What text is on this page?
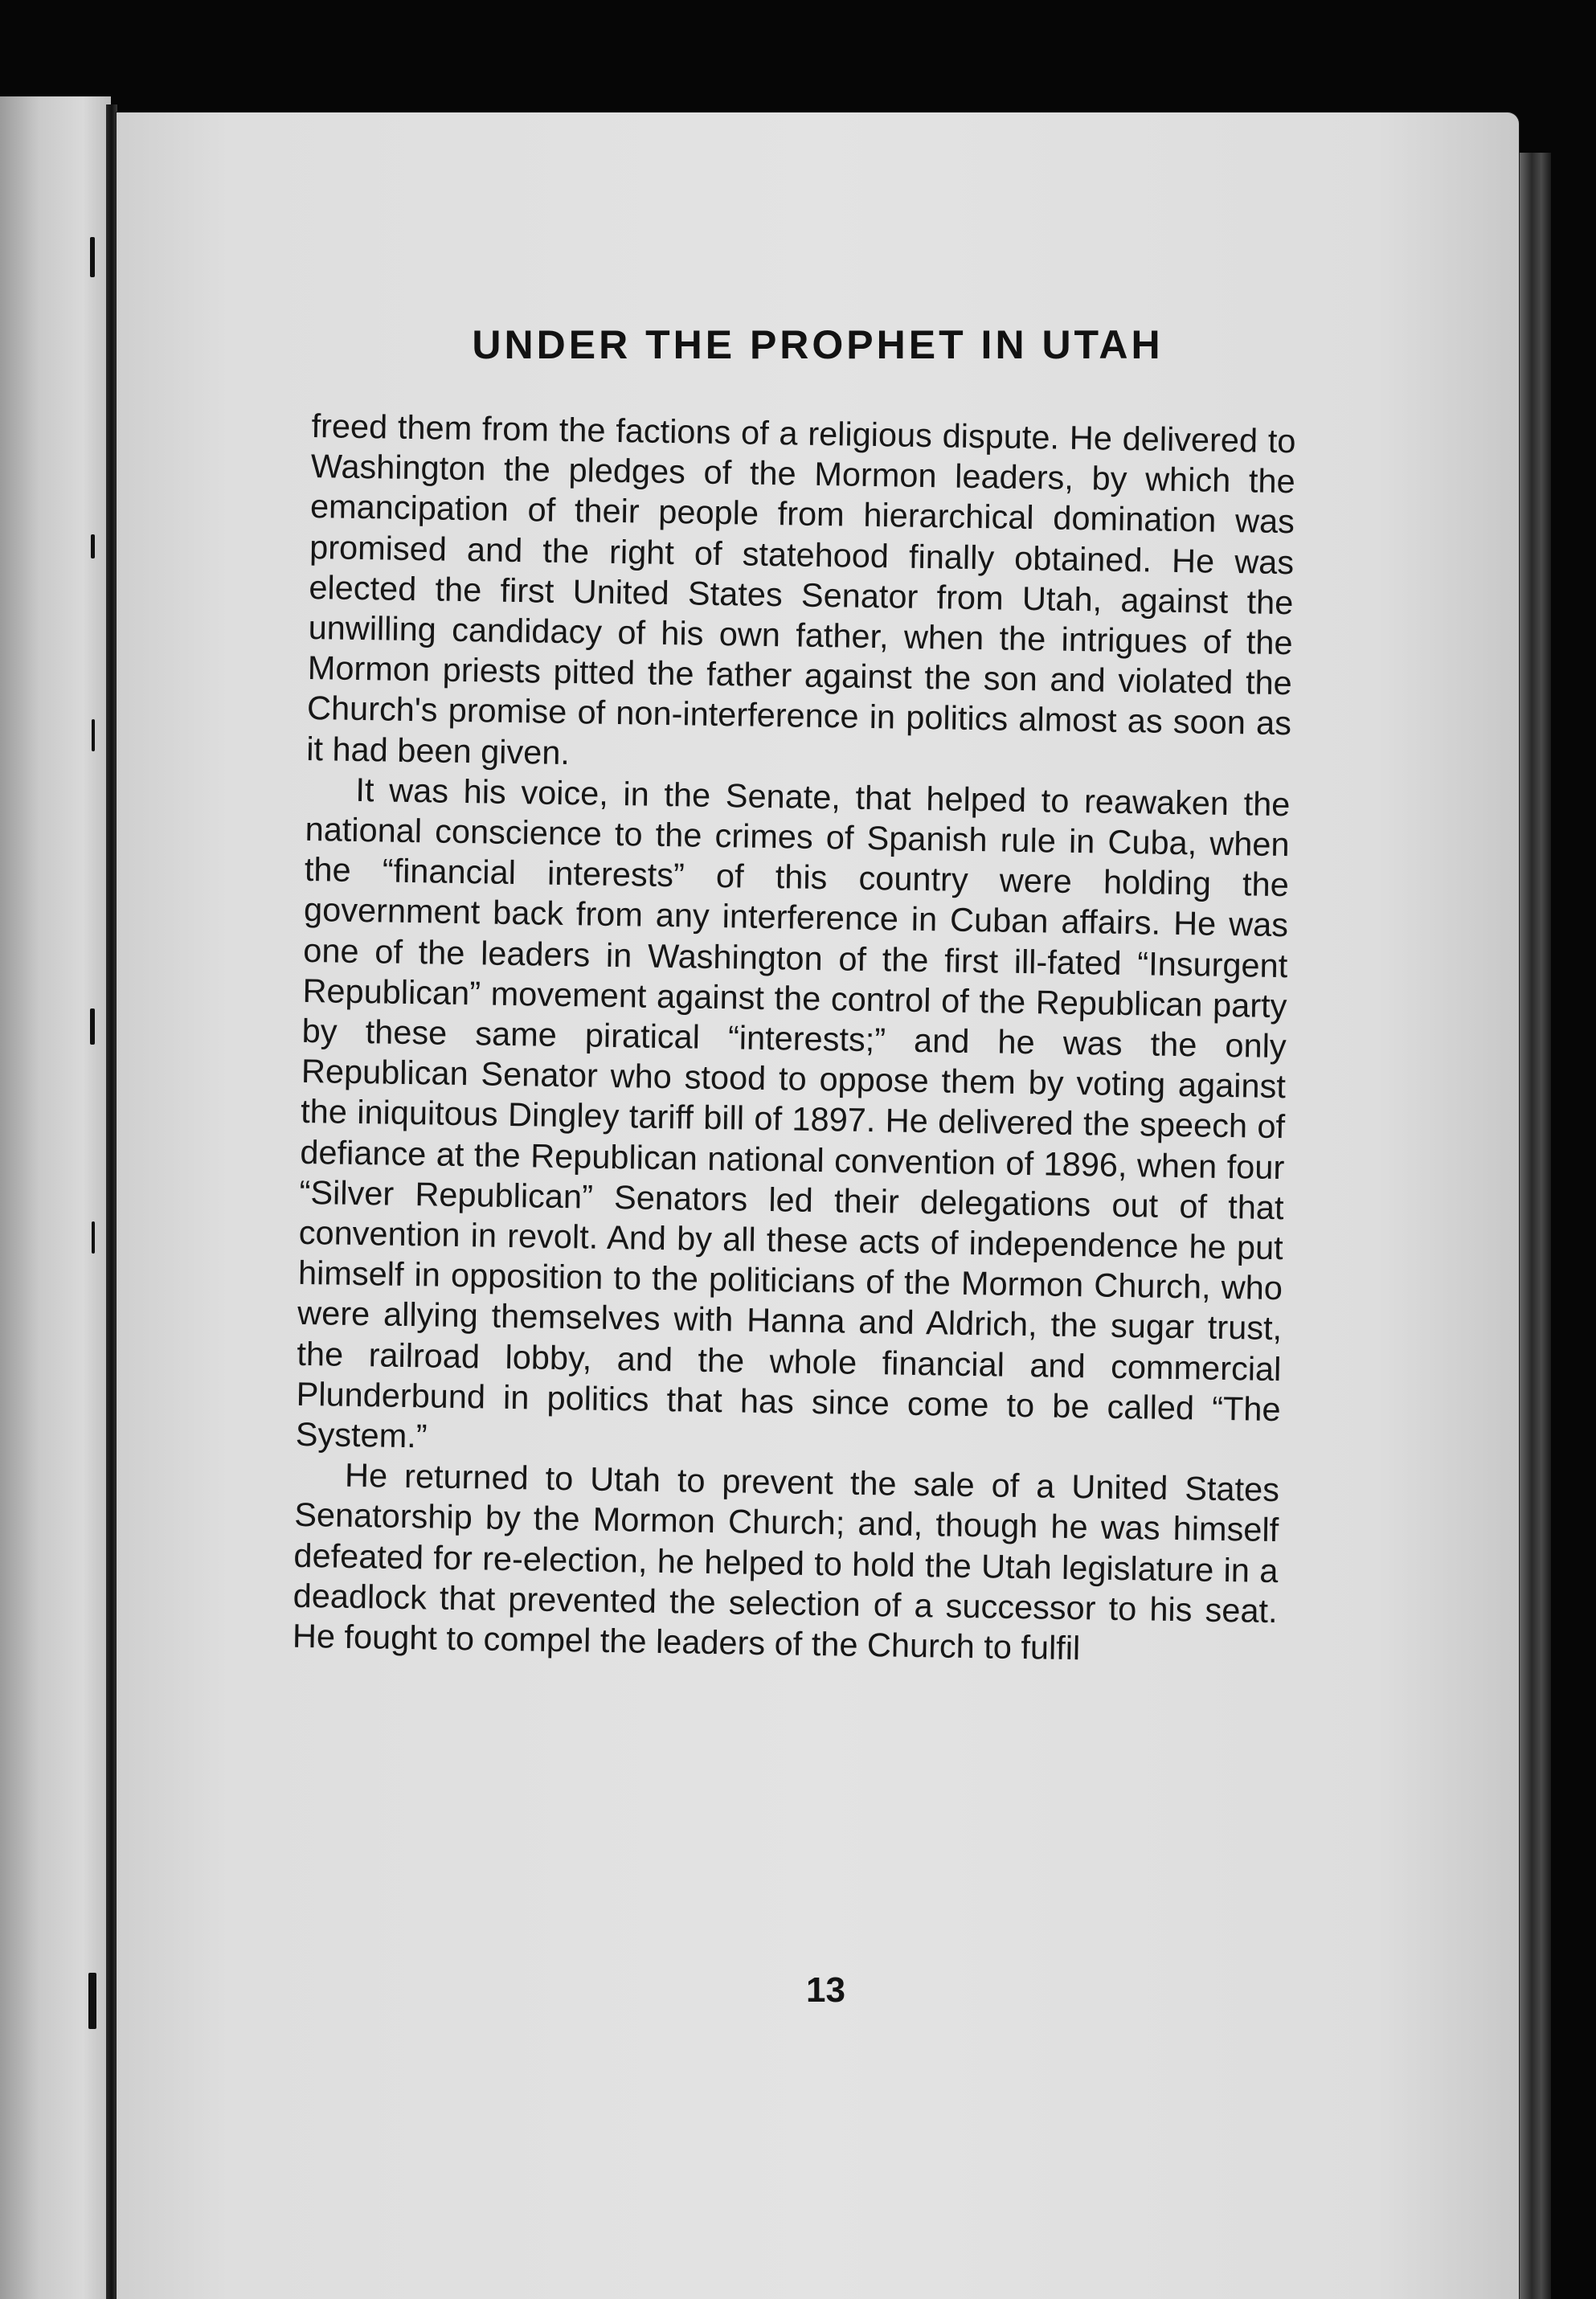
UNDER THE PROPHET IN UTAH

freed them from the factions of a religious dispute. He delivered to Washington the pledges of the Mormon leaders, by which the emancipation of their people from hierarchical domination was promised and the right of statehood finally obtained. He was elected the first United States Senator from Utah, against the unwilling candidacy of his own father, when the intrigues of the Mormon priests pitted the father against the son and violated the Church's promise of non-interference in politics almost as soon as it had been given.

It was his voice, in the Senate, that helped to reawaken the national conscience to the crimes of Spanish rule in Cuba, when the “financial interests” of this country were holding the government back from any interference in Cuban affairs. He was one of the leaders in Washington of the first ill-fated “Insurgent Republican” movement against the control of the Republican party by these same piratical “interests;” and he was the only Republican Senator who stood to oppose them by voting against the iniquitous Dingley tariff bill of 1897. He delivered the speech of defiance at the Republican national convention of 1896, when four “Silver Republican” Senators led their delegations out of that convention in revolt. And by all these acts of independence he put himself in opposition to the politicians of the Mormon Church, who were allying themselves with Hanna and Aldrich, the sugar trust, the railroad lobby, and the whole financial and commercial Plunderbund in politics that has since come to be called “The System.”

He returned to Utah to prevent the sale of a United States Senatorship by the Mormon Church; and, though he was himself defeated for re-election, he helped to hold the Utah legislature in a deadlock that prevented the selection of a successor to his seat. He fought to compel the leaders of the Church to fulfil

13
